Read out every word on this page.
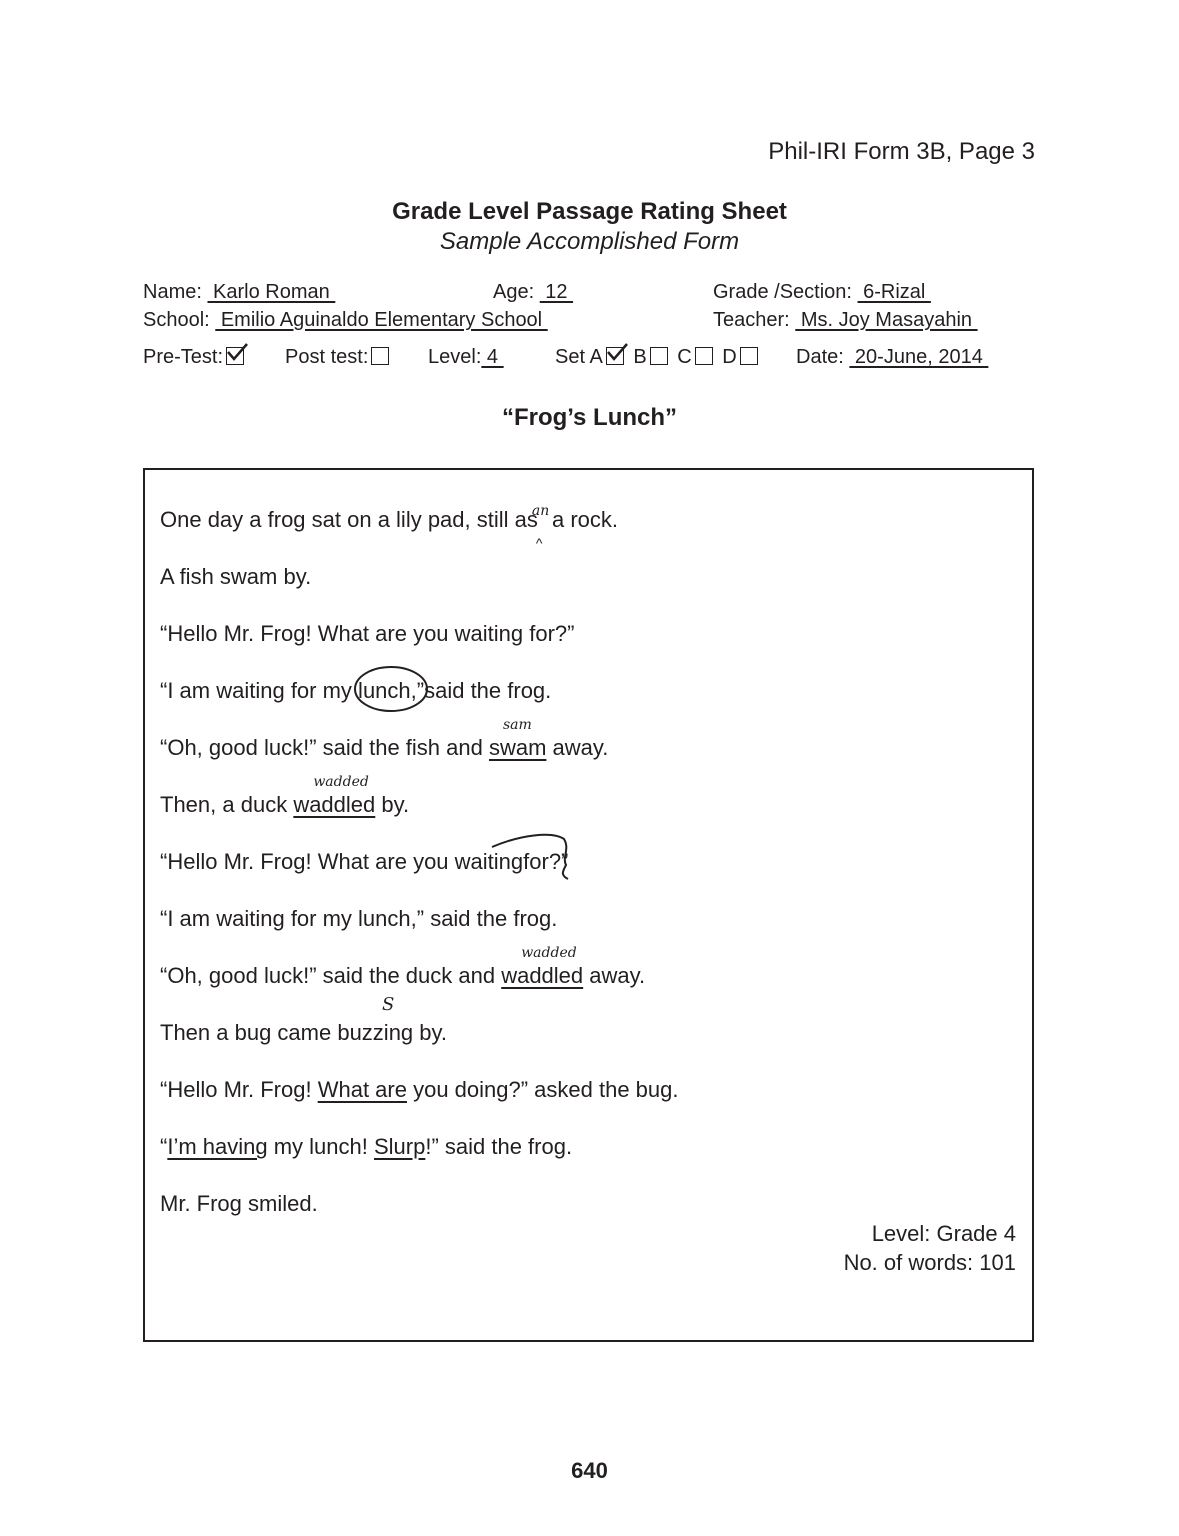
Phil-IRI Form 3B, Page 3
Grade Level Passage Rating Sheet
Sample Accomplished Form
Name:  Karlo Roman	Age:  12	Grade /Section:  6-Rizal
School:  Emilio Aguinaldo Elementary School	Teacher:  Ms. Joy Masayahin
Pre-Test:	Post test:	Level: 4	Set A B C D	Date:  20-June, 2014
“Frog’s Lunch”
One day a frog sat on a lily pad, still as
an
^
a rock.
A fish swam by.
“Hello Mr. Frog! What are you waiting for?”
“I am waiting for my lunch,”
said the frog.
“Oh, good luck!” said the fish and swam
sam
away.
Then, a duck waddled
wadded
by.
“Hello Mr. Frog! What are you waiting
for?”
“I am waiting for my lunch,” said the frog.
“Oh, good luck!” said the duck and waddled
wadded
away.
Then a bug came buzzing by.
S
“Hello Mr. Frog! What are you doing?” asked the bug.
“I’m having my lunch! Slurp!” said the frog.
Mr. Frog smiled.
Level: Grade 4
No. of words: 101
640
